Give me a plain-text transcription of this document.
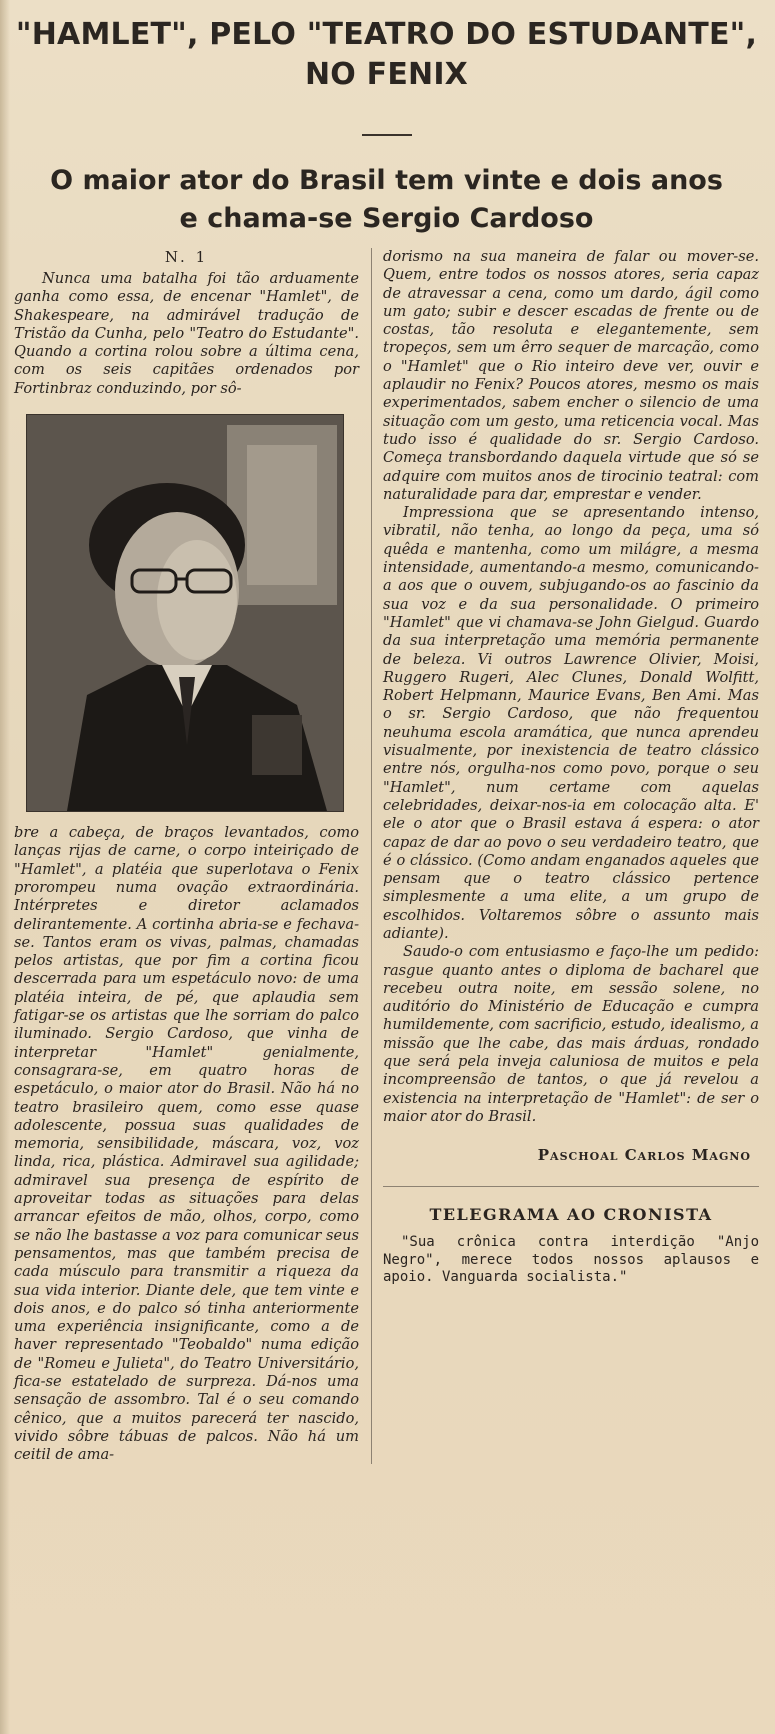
"HAMLET", PELO "TEATRO DO ESTUDANTE",
NO FENIX
O maior ator do Brasil tem vinte e dois anos
e chama-se Sergio Cardoso
N. 1

Nunca uma batalha foi tão arduamente ganha como essa, de encenar "Hamlet", de Shakespeare, na admirável tradução de Tristão da Cunha, pelo "Teatro do Estudante". Quando a cortina rolou sobre a última cena, com os seis capitães ordenados por Fortinbraz conduzindo, por sô-

bre a cabeça, de braços levantados, como lanças rijas de carne, o corpo inteiriçado de "Hamlet", a platéia que superlotava o Fenix prorompeu numa ovação extraordinária. Intérpretes e diretor aclamados delirantemente. A cortinha abria-se e fechava-se. Tantos eram os vivas, palmas, chamadas pelos artistas, que por fim a cortina ficou descerrada para um espetáculo novo: de uma platéia inteira, de pé, que aplaudia sem fatigar-se os artistas que lhe sorriam do palco iluminado. Sergio Cardoso, que vinha de interpretar "Hamlet" genialmente, consagrara-se, em quatro horas de espetáculo, o maior ator do Brasil. Não há no teatro brasileiro quem, como esse quase adolescente, possua suas qualidades de memoria, sensibilidade, máscara, voz, voz linda, rica, plástica. Admiravel sua agilidade; admiravel sua presença de espírito de aproveitar todas as situações para delas arrancar efeitos de mão, olhos, corpo, como se não lhe bastasse a voz para comunicar seus pensamentos, mas que também precisa de cada músculo para transmitir a riqueza da sua vida interior. Diante dele, que tem vinte e dois anos, e do palco só tinha anteriormente uma experiência insignificante, como a de haver representado "Teobaldo" numa edição de "Romeu e Julieta", do Teatro Universitário, fica-se estatelado de surpreza. Dá-nos uma sensação de assombro. Tal é o seu comando cênico, que a muitos parecerá ter nascido, vivido sôbre tábuas de palcos. Não há um ceitil de ama-

dorismo na sua maneira de falar ou mover-se. Quem, entre todos os nossos atores, seria capaz de atravessar a cena, como um dardo, ágil como um gato; subir e descer escadas de frente ou de costas, tão resoluta e elegantemente, sem tropeços, sem um êrro sequer de marcação, como o "Hamlet" que o Rio inteiro deve ver, ouvir e aplaudir no Fenix? Poucos atores, mesmo os mais experimentados, sabem encher o silencio de uma situação com um gesto, uma reticencia vocal. Mas tudo isso é qualidade do sr. Sergio Cardoso. Começa transbordando daquela virtude que só se adquire com muitos anos de tirocinio teatral: com naturalidade para dar, emprestar e vender.

Impressiona que se apresentando intenso, vibratil, não tenha, ao longo da peça, uma só quêda e mantenha, como um milágre, a mesma intensidade, aumentando-a mesmo, comunicando-a aos que o ouvem, subjugando-os ao fascinio da sua voz e da sua personalidade. O primeiro "Hamlet" que vi chamava-se John Gielgud. Guardo da sua interpretação uma memória permanente de beleza. Vi outros Lawrence Olivier, Moisi, Ruggero Rugeri, Alec Clunes, Donald Wolfitt, Robert Helpmann, Maurice Evans, Ben Ami. Mas o sr. Sergio Cardoso, que não frequentou neuhuma escola aramática, que nunca aprendeu visualmente, por inexistencia de teatro clássico entre nós, orgulha-nos como povo, porque o seu "Hamlet", num certame com aquelas celebridades, deixar-nos-ia em colocação alta. E' ele o ator que o Brasil estava á espera: o ator capaz de dar ao povo o seu verdadeiro teatro, que é o clássico. (Como andam enganados aqueles que pensam que o teatro clássico pertence simplesmente a uma elite, a um grupo de escolhidos. Voltaremos sôbre o assunto mais adiante).

Saudo-o com entusiasmo e faço-lhe um pedido: rasgue quanto antes o diploma de bacharel que recebeu outra noite, em sessão solene, no auditório do Ministério de Educação e cumpra humildemente, com sacrificio, estudo, idealismo, a missão que lhe cabe, das mais árduas, rondado que será pela inveja caluniosa de muitos e pela incompreensão de tantos, o que já revelou a existencia na interpretação de "Hamlet": de ser o maior ator do Brasil.

Paschoal Carlos Magno
TELEGRAMA AO CRONISTA

"Sua crônica contra interdição "Anjo Negro", merece todos nossos aplausos e apoio. Vanguarda socialista."
